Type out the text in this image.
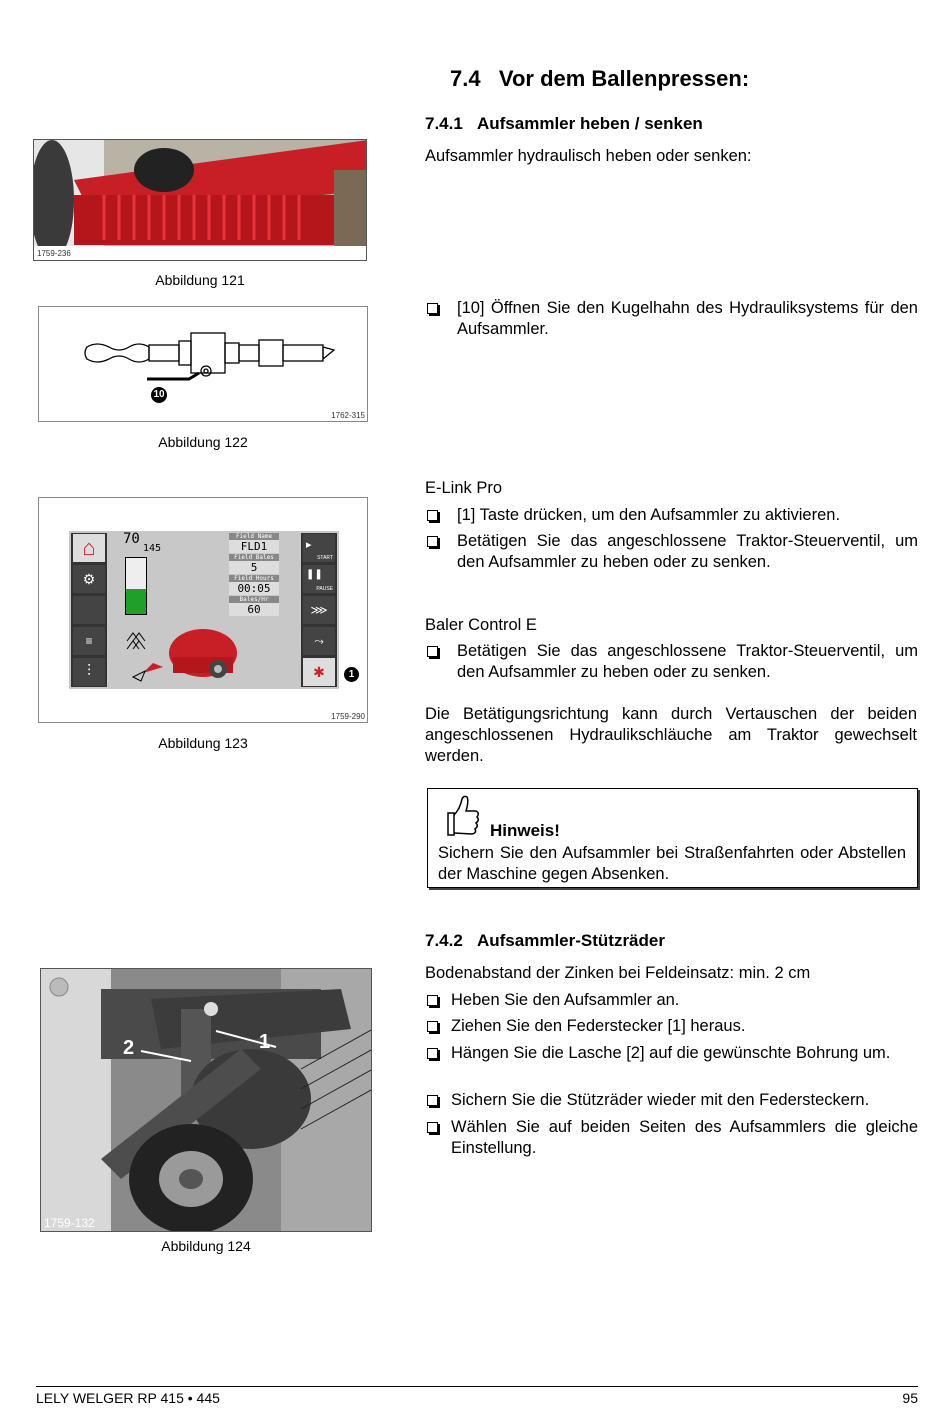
7.4   Vor dem Ballenpressen:
7.4.1   Aufsammler heben / senken
Aufsammler hydraulisch heben oder senken:
1759-236
Abbildung 121
10
1762-315
Abbildung 122
[10] Öffnen Sie den Kugelhahn des Hydrauliksystems für den Aufsammler.
⌂
⚙
≡
⫶
70
145
Field Name
FLD1
Field Bales
5
Field Hours
00:05
Bales/Hr
60
START
▸
PAUSE
❚❚
⋙
⤳
✱	1
1759-290
Abbildung 123
E-Link Pro
[1] Taste drücken, um den Aufsammler zu aktivieren.
Betätigen Sie das angeschlossene Traktor-Steuerventil, um den Aufsammler zu heben oder zu senken.
Baler Control E
Betätigen Sie das angeschlossene Traktor-Steuerventil, um den Aufsammler zu heben oder zu senken.
Die Betätigungsrichtung kann durch Vertauschen der beiden angeschlossenen Hydraulikschläuche am Traktor gewechselt werden.
Hinweis!
Sichern Sie den Aufsammler bei Straßenfahrten oder Abstellen der Maschine gegen Absenken.
7.4.2   Aufsammler-Stützräder
Bodenabstand der Zinken bei Feldeinsatz: min. 2 cm
Heben Sie den Aufsammler an.
Ziehen Sie den Federstecker [1] heraus.
Hängen Sie die Lasche [2] auf die gewünschte Bohrung um.
Sichern Sie die Stützräder wieder mit den Federsteckern.
Wählen Sie auf beiden Seiten des Aufsammlers die gleiche Einstellung.
2	1
1759-132
Abbildung 124
LELY WELGER RP 415 • 445	95
